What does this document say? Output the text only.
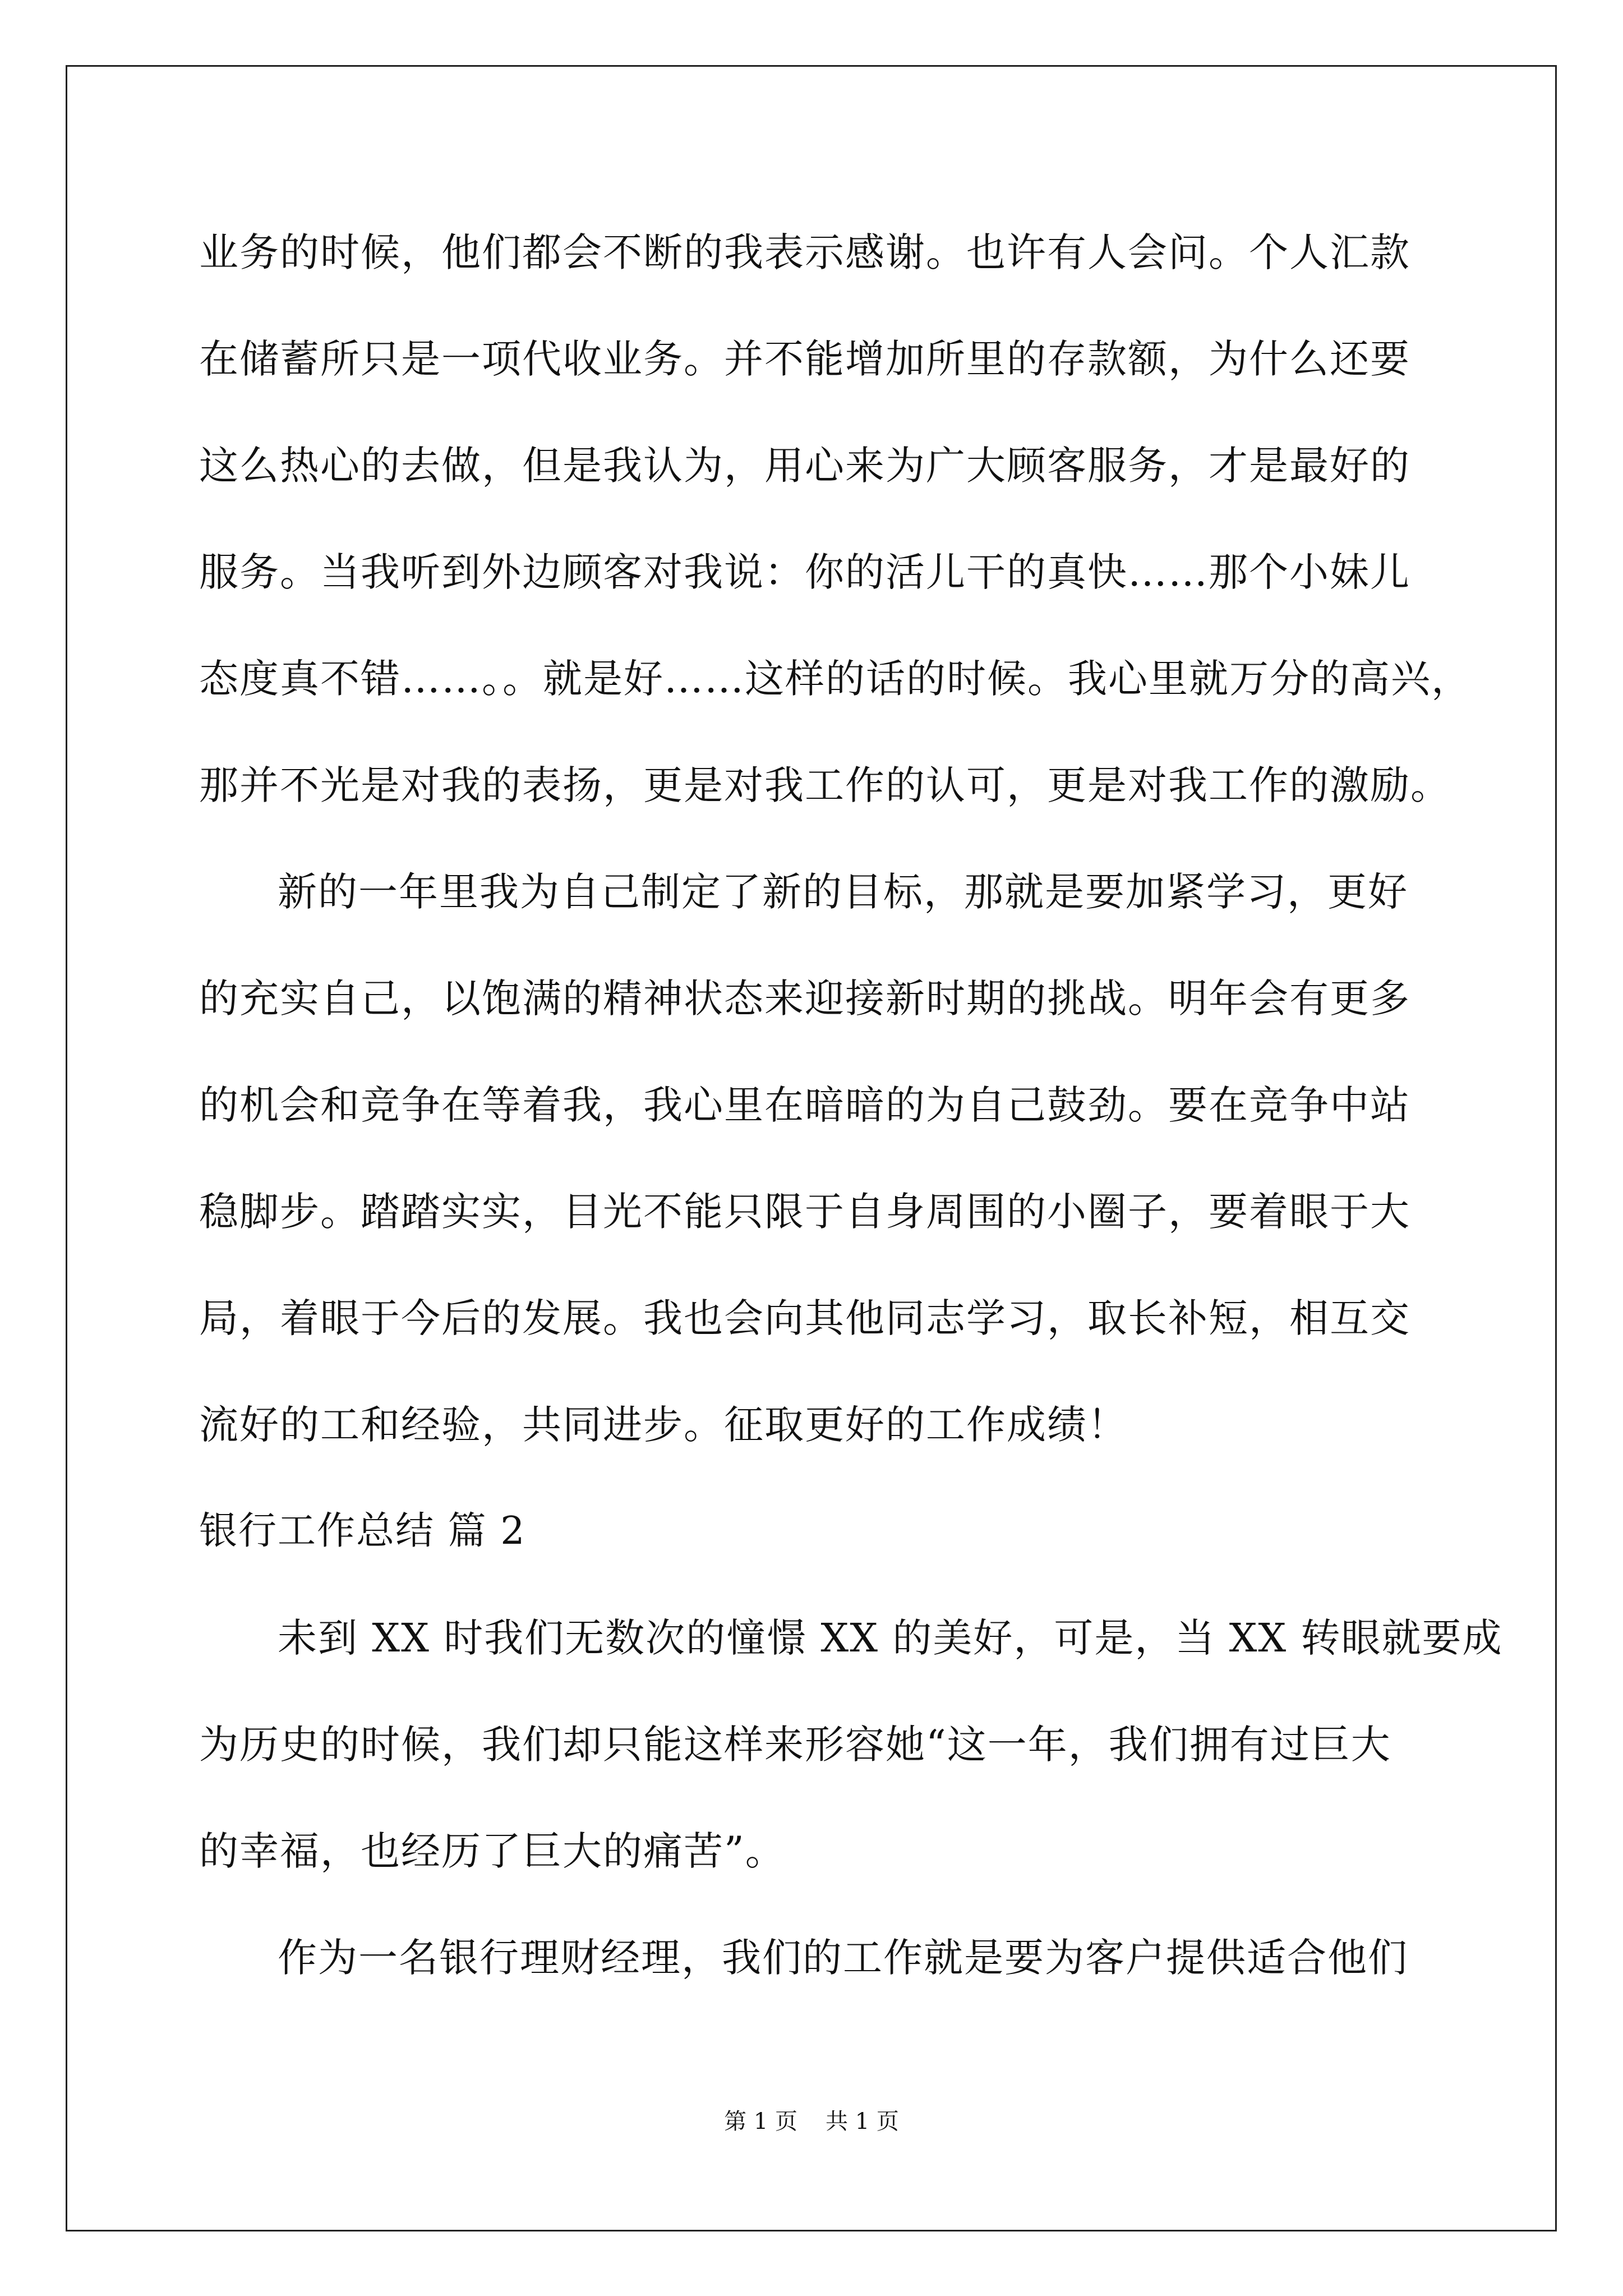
业务的时候，他们都会不断的我表示感谢。也许有人会问。个人汇款
在储蓄所只是一项代收业务。并不能增加所里的存款额，为什么还要
这么热心的去做，但是我认为，用心来为广大顾客服务，才是最好的
服务。当我听到外边顾客对我说：你的活儿干的真快……那个小妹儿
态度真不错……。。就是好……这样的话的时候。我心里就万分的高兴，
那并不光是对我的表扬，更是对我工作的认可，更是对我工作的激励。
新的一年里我为自己制定了新的目标，那就是要加紧学习，更好
的充实自己，以饱满的精神状态来迎接新时期的挑战。明年会有更多
的机会和竞争在等着我，我心里在暗暗的为自己鼓劲。要在竞争中站
稳脚步。踏踏实实，目光不能只限于自身周围的小圈子，要着眼于大
局，着眼于今后的发展。我也会向其他同志学习，取长补短，相互交
流好的工和经验，共同进步。征取更好的工作成绩！
银行工作总结 篇 2
未到 XX 时我们无数次的憧憬 XX 的美好，可是，当 XX 转眼就要成
为历史的时候，我们却只能这样来形容她“这一年，我们拥有过巨大
的幸福，也经历了巨大的痛苦”。
作为一名银行理财经理，我们的工作就是要为客户提供适合他们
第 1 页 共 1 页
